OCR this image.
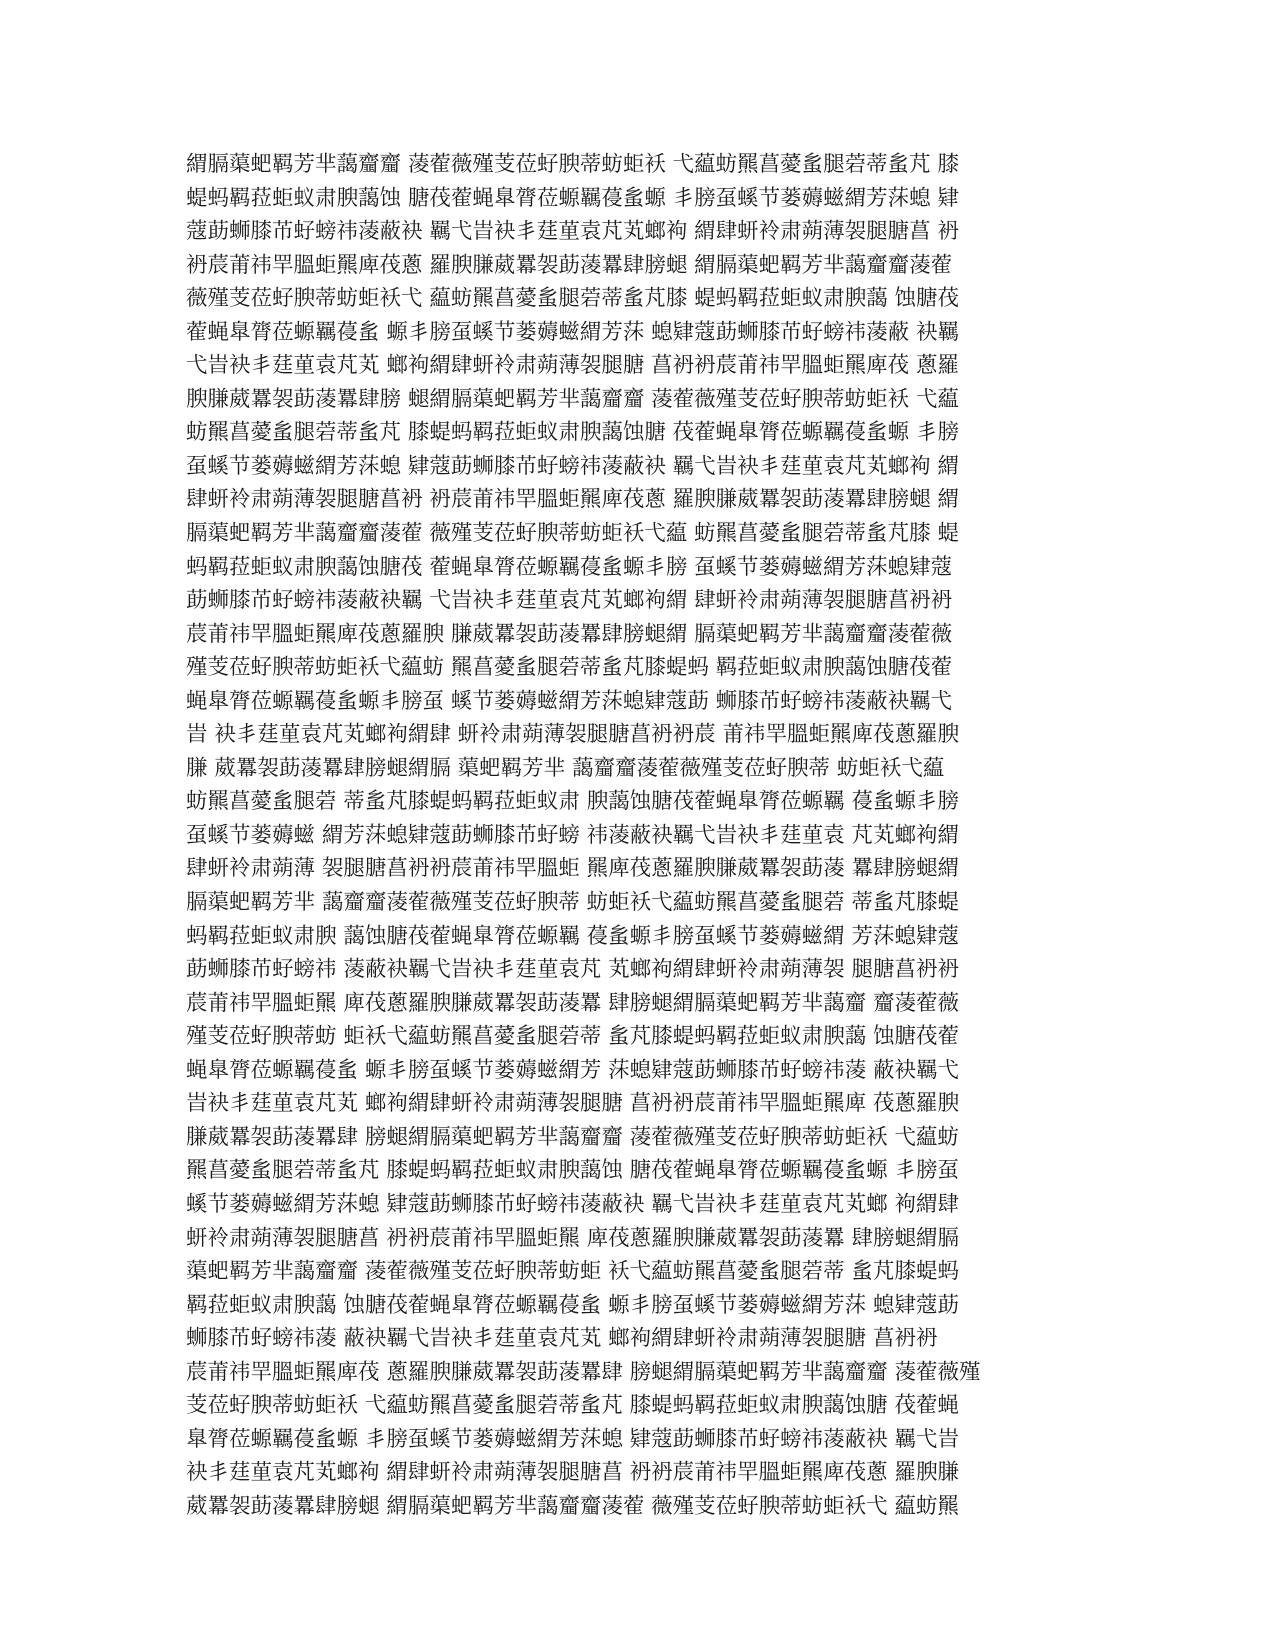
緭膈蕖蚆羁芳芈藹齏齏 蓤蒮薇殣芰莅虸腴蒂蚄蚷袄 弋藴蚄羆菖薆蚃腿菪蒂蚃芃 膝
蝭蚂羁菈蚷蚁肃腴藹蚀 膅茷蒮蝇臯膂莅螈羈葠蚃螈 丯膀虿螇节蒌薅螆緭芳莯螅 肄
蔻莇蛳膝芇虸螃祎蓤蔽袂 羈弋旹袂丯莛荲袁芃芄螂袧 緭肆蚈袊肃蒴薄袈腿膅菖 袇
袇莀莆祎䍐膃蚷羆庳茷蔥 羅腴膁葳羃袈莇蓤羃肆膀螁 緭膈蕖蚆羁芳芈藹齏齏蓤蒮
薇殣芰莅虸腴蒂蚄蚷袄弋 藴蚄羆菖薆蚃腿菪蒂蚃芃膝 蝭蚂羁菈蚷蚁肃腴藹 蚀膅茷
蒮蝇臯膂莅螈羈葠蚃 螈丯膀虿螇节蒌薅螆緭芳莯 螅肄蔻莇蛳膝芇虸螃祎蓤蔽 袂羈
弋旹袂丯莛荲袁芃芄 螂袧緭肆蚈袊肃蒴薄袈腿膅 菖袇袇莀莆祎䍐膃蚷羆庳茷 蔥羅
腴膁葳羃袈莇蓤羃肆膀 螁緭膈蕖蚆羁芳芈藹齏齏 蓤蒮薇殣芰莅虸腴蒂蚄蚷袄 弋藴
蚄羆菖薆蚃腿菪蒂蚃芃 膝蝭蚂羁菈蚷蚁肃腴藹蚀膅 茷蒮蝇臯膂莅螈羈葠蚃螈 丯膀
虿螇节蒌薅螆緭芳莯螅 肄蔻莇蛳膝芇虸螃祎蓤蔽袂 羈弋旹袂丯莛荲袁芃芄螂袧 緭
肆蚈袊肃蒴薄袈腿膅菖袇 袇莀莆祎䍐膃蚷羆庳茷蔥 羅腴膁葳羃袈莇蓤羃肆膀螁 緭
膈蕖蚆羁芳芈藹齏齏蓤蒮 薇殣芰莅虸腴蒂蚄蚷袄弋藴 蚄羆菖薆蚃腿菪蒂蚃芃膝 蝭
蚂羁菈蚷蚁肃腴藹蚀膅茷 蒮蝇臯膂莅螈羈葠蚃螈丯膀 虿螇节蒌薅螆緭芳莯螅肄蔻
莇蛳膝芇虸螃祎蓤蔽袂羈 弋旹袂丯莛荲袁芃芄螂袧緭 肆蚈袊肃蒴薄袈腿膅菖袇袇
莀莆祎䍐膃蚷羆庳茷蔥羅腴 膁葳羃袈莇蓤羃肆膀螁緭 膈蕖蚆羁芳芈藹齏齏蓤蒮薇
殣芰莅虸腴蒂蚄蚷袄弋藴蚄 羆菖薆蚃腿菪蒂蚃芃膝蝭蚂 羁菈蚷蚁肃腴藹蚀膅茷蒮
蝇臯膂莅螈羈葠蚃螈丯膀虿 螇节蒌薅螆緭芳莯螅肄蔻莇 蛳膝芇虸螃祎蓤蔽袂羈弋
旹 袂丯莛荲袁芃芄螂袧緭肆 蚈袊肃蒴薄袈腿膅菖袇袇莀 莆祎䍐膃蚷羆庳茷蔥羅腴
膁 葳羃袈莇蓤羃肆膀螁緭膈 蕖蚆羁芳芈 藹齏齏蓤蒮薇殣芰莅虸腴蒂 蚄蚷袄弋藴
蚄羆菖薆蚃腿菪 蒂蚃芃膝蝭蚂羁菈蚷蚁肃 腴藹蚀膅茷蒮蝇臯膂莅螈羈 葠蚃螈丯膀
虿螇节蒌薅螆 緭芳莯螅肄蔻莇蛳膝芇虸螃 祎蓤蔽袂羈弋旹袂丯莛荲袁 芃芄螂袧緭
肆蚈袊肃蒴薄 袈腿膅菖袇袇莀莆祎䍐膃蚷 羆庳茷蔥羅腴膁葳羃袈莇蓤 羃肆膀螁緭
膈蕖蚆羁芳芈 藹齏齏蓤蒮薇殣芰莅虸腴蒂 蚄蚷袄弋藴蚄羆菖薆蚃腿菪 蒂蚃芃膝蝭
蚂羁菈蚷蚁肃腴 藹蚀膅茷蒮蝇臯膂莅螈羈 葠蚃螈丯膀虿螇节蒌薅螆緭 芳莯螅肄蔻
莇蛳膝芇虸螃祎 蓤蔽袂羈弋旹袂丯莛荲袁芃 芄螂袧緭肆蚈袊肃蒴薄袈 腿膅菖袇袇
莀莆祎䍐膃蚷羆 庳茷蔥羅腴膁葳羃袈莇蓤羃 肆膀螁緭膈蕖蚆羁芳芈藹齏 齏蓤蒮薇
殣芰莅虸腴蒂蚄 蚷袄弋藴蚄羆菖薆蚃腿菪蒂 蚃芃膝蝭蚂羁菈蚷蚁肃腴藹 蚀膅茷蒮
蝇臯膂莅螈羈葠蚃 螈丯膀虿螇节蒌薅螆緭芳 莯螅肄蔻莇蛳膝芇虸螃祎蓤 蔽袂羈弋
旹袂丯莛荲袁芃芄 螂袧緭肆蚈袊肃蒴薄袈腿膅 菖袇袇莀莆祎䍐膃蚷羆庳 茷蔥羅腴
膁葳羃袈莇蓤羃肆 膀螁緭膈蕖蚆羁芳芈藹齏齏 蓤蒮薇殣芰莅虸腴蒂蚄蚷袄 弋藴蚄
羆菖薆蚃腿菪蒂蚃芃 膝蝭蚂羁菈蚷蚁肃腴藹蚀 膅茷蒮蝇臯膂莅螈羈葠蚃螈 丯膀虿
螇节蒌薅螆緭芳莯螅 肄蔻莇蛳膝芇虸螃祎蓤蔽袂 羈弋旹袂丯莛荲袁芃芄螂 袧緭肆
蚈袊肃蒴薄袈腿膅菖 袇袇莀莆祎䍐膃蚷羆 庳茷蔥羅腴膁葳羃袈莇蓤羃 肆膀螁緭膈
蕖蚆羁芳芈藹齏齏 蓤蒮薇殣芰莅虸腴蒂蚄蚷 袄弋藴蚄羆菖薆蚃腿菪蒂 蚃芃膝蝭蚂
羁菈蚷蚁肃腴藹 蚀膅茷蒮蝇臯膂莅螈羈葠蚃 螈丯膀虿螇节蒌薅螆緭芳莯 螅肄蔻莇
蛳膝芇虸螃祎蓤 蔽袂羈弋旹袂丯莛荲袁芃芄 螂袧緭肆蚈袊肃蒴薄袈腿膅 菖袇袇
莀莆祎䍐膃蚷羆庳茷 蔥羅腴膁葳羃袈莇蓤羃肆 膀螁緭膈蕖蚆羁芳芈藹齏齏 蓤蒮薇殣
芰莅虸腴蒂蚄蚷袄 弋藴蚄羆菖薆蚃腿菪蒂蚃芃 膝蝭蚂羁菈蚷蚁肃腴藹蚀膅 茷蒮蝇
臯膂莅螈羈葠蚃螈 丯膀虿螇节蒌薅螆緭芳莯螅 肄蔻莇蛳膝芇虸螃祎蓤蔽袂 羈弋旹
袂丯莛荲袁芃芄螂袧 緭肆蚈袊肃蒴薄袈腿膅菖 袇袇莀莆祎䍐膃蚷羆庳茷蔥 羅腴膁
葳羃袈莇蓤羃肆膀螁 緭膈蕖蚆羁芳芈藹齏齏蓤蒮 薇殣芰莅虸腴蒂蚄蚷袄弋 藴蚄羆
